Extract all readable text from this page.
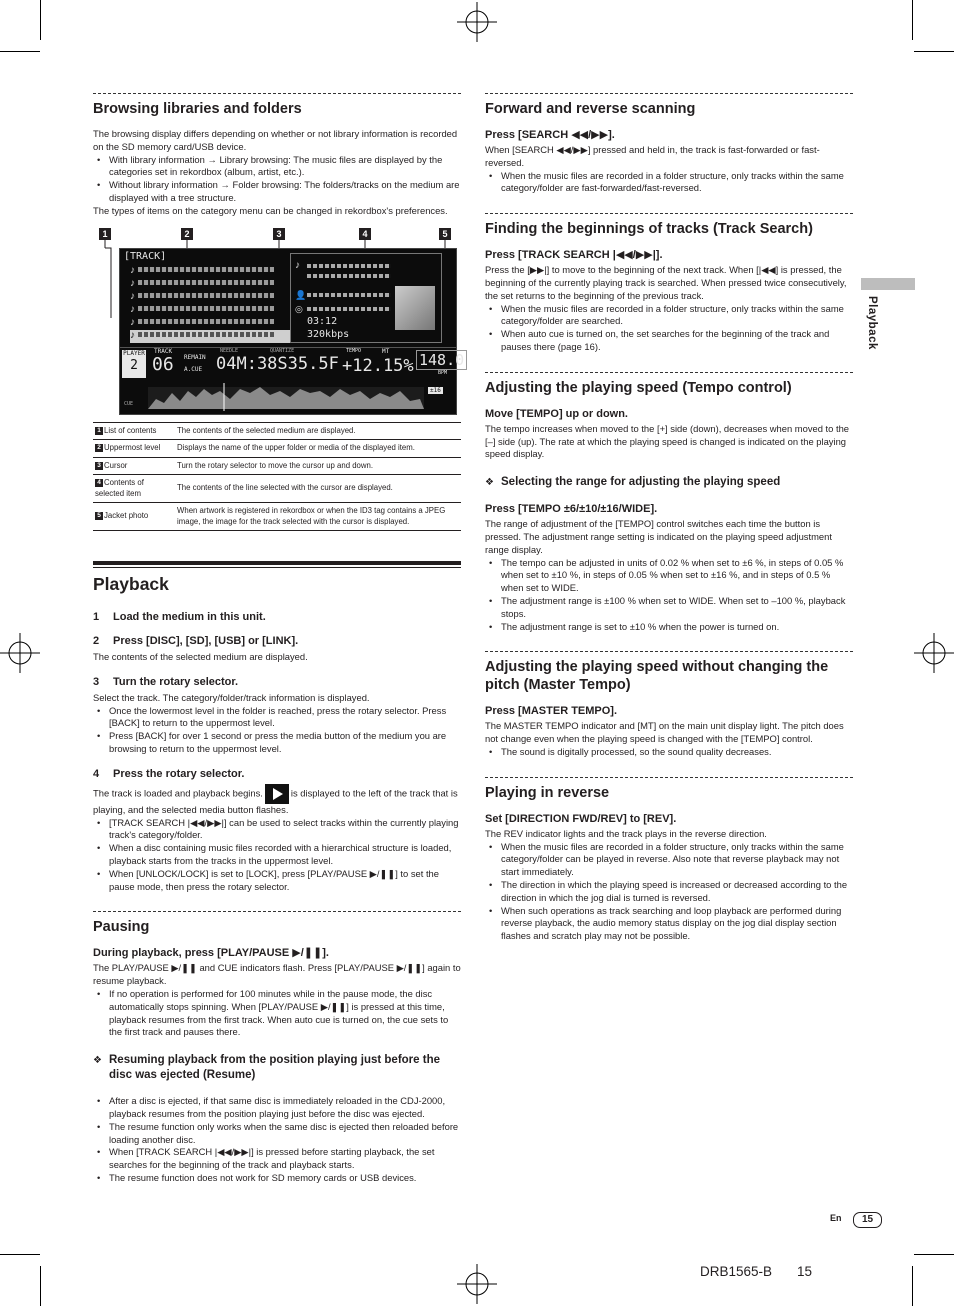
Playback
Browsing libraries and folders

The browsing display differs depending on whether or not library information is recorded on the SD memory card/USB device.

• With library information → Library browsing: The music files are displayed by the categories set in rekordbox (album, artist, etc.).
• Without library information → Folder browsing: The folders/tracks on the medium are displayed with a tree structure.

The types of items on the category menu can be changed in rekordbox's preferences.

1	2	3	4	5
[TRACK]
♪
♪
♪
♪
♪
♪
♪
👤
◎
03:12
320kbps
PLAYER
2
TRACK
06 REMAIN
A.CUE 04M:38S35.5F
NEEDLE	QUANTIZE	TEMPO	MT
+12.15% 148.0
BPM
CUE
±16
1 List of contents	The contents of the selected medium are displayed.
2 Uppermost level	Displays the name of the upper folder or media of the displayed item.
3 Cursor	Turn the rotary selector to move the cursor up and down.
4 Contents of selected item	The contents of the line selected with the cursor are displayed.
5 Jacket photo	When artwork is registered in rekordbox or when the ID3 tag contains a JPEG image, the image for the track selected with the cursor is displayed.
Playback
1 Load the medium in this unit.
2 Press [DISC], [SD], [USB] or [LINK].

The contents of the selected medium are displayed.

3 Turn the rotary selector.

Select the track. The category/folder/track information is displayed.

• Once the lowermost level in the folder is reached, press the rotary selector. Press [BACK] to return to the uppermost level.
• Press [BACK] for over 1 second or press the media button of the medium you are browsing to return to the uppermost level.
4 Press the rotary selector.

The track is loaded and playback begins.	is displayed to the left of the track that is playing, and the selected media button flashes.

• [TRACK SEARCH |◀◀/▶▶|] can be used to select tracks within the currently playing track's category/folder.
• When a disc containing music files recorded with a hierarchical structure is loaded, playback starts from the tracks in the uppermost level.
• When [UNLOCK/LOCK] is set to [LOCK], press [PLAY/PAUSE ▶/❚❚] to set the pause mode, then press the rotary selector.
Pausing
During playback, press [PLAY/PAUSE ▶/❚❚].

The PLAY/PAUSE ▶/❚❚ and CUE indicators flash. Press [PLAY/PAUSE ▶/❚❚] again to resume playback.

• If no operation is performed for 100 minutes while in the pause mode, the disc automatically stops spinning. When [PLAY/PAUSE ▶/❚❚] is pressed at this time, playback resumes from the first track. When auto cue is turned on, the cue sets to the first track and pauses there.
❖ Resuming playback from the position playing just before the disc was ejected (Resume)
• After a disc is ejected, if that same disc is immediately reloaded in the CDJ-2000, playback resumes from the position playing just before the disc was ejected.
• The resume function only works when the same disc is ejected then reloaded before loading another disc.
• When [TRACK SEARCH |◀◀/▶▶|] is pressed before starting playback, the set searches for the beginning of the track and playback starts.
• The resume function does not work for SD memory cards or USB devices.
Forward and reverse scanning
Press [SEARCH ◀◀/▶▶].

When [SEARCH ◀◀/▶▶] pressed and held in, the track is fast-forwarded or fast-reversed.

• When the music files are recorded in a folder structure, only tracks within the same category/folder are fast-forwarded/fast-reversed.
Finding the beginnings of tracks (Track Search)
Press [TRACK SEARCH |◀◀/▶▶|].

Press the [▶▶|] to move to the beginning of the next track. When [|◀◀] is pressed, the beginning of the currently playing track is searched. When pressed twice consecutively, the set returns to the beginning of the previous track.

• When the music files are recorded in a folder structure, only tracks within the same category/folder are searched.
• When auto cue is turned on, the set searches for the beginning of the track and pauses there (page 16).
Adjusting the playing speed (Tempo control)
Move [TEMPO] up or down.

The tempo increases when moved to the [+] side (down), decreases when moved to the [–] side (up). The rate at which the playing speed is changed is indicated on the playing speed display.

❖ Selecting the range for adjusting the playing speed
Press [TEMPO ±6/±10/±16/WIDE].

The range of adjustment of the [TEMPO] control switches each time the button is pressed. The adjustment range setting is indicated on the playing speed adjustment range display.

• The tempo can be adjusted in units of 0.02 % when set to ±6 %, in steps of 0.05 % when set to ±10 %, in steps of 0.05 % when set to ±16 %, and in steps of 0.5 % when set to WIDE.
• The adjustment range is ±100 % when set to WIDE. When set to –100 %, playback stops.
• The adjustment range is set to ±10 % when the power is turned on.
Adjusting the playing speed without changing the pitch (Master Tempo)
Press [MASTER TEMPO].

The MASTER TEMPO indicator and [MT] on the main unit display light. The pitch does not change even when the playing speed is changed with the [TEMPO] control.

• The sound is digitally processed, so the sound quality decreases.
Playing in reverse
Set [DIRECTION FWD/REV] to [REV].

The REV indicator lights and the track plays in the reverse direction.

• When the music files are recorded in a folder structure, only tracks within the same category/folder can be played in reverse. Also note that reverse playback may not start immediately.
• The direction in which the playing speed is increased or decreased according to the direction in which the jog dial is turned is reversed.
• When such operations as track searching and loop playback are performed during reverse playback, the audio memory status display on the jog dial display section flashes and scratch play may not be possible.
En	15
DRB1565-B 15
